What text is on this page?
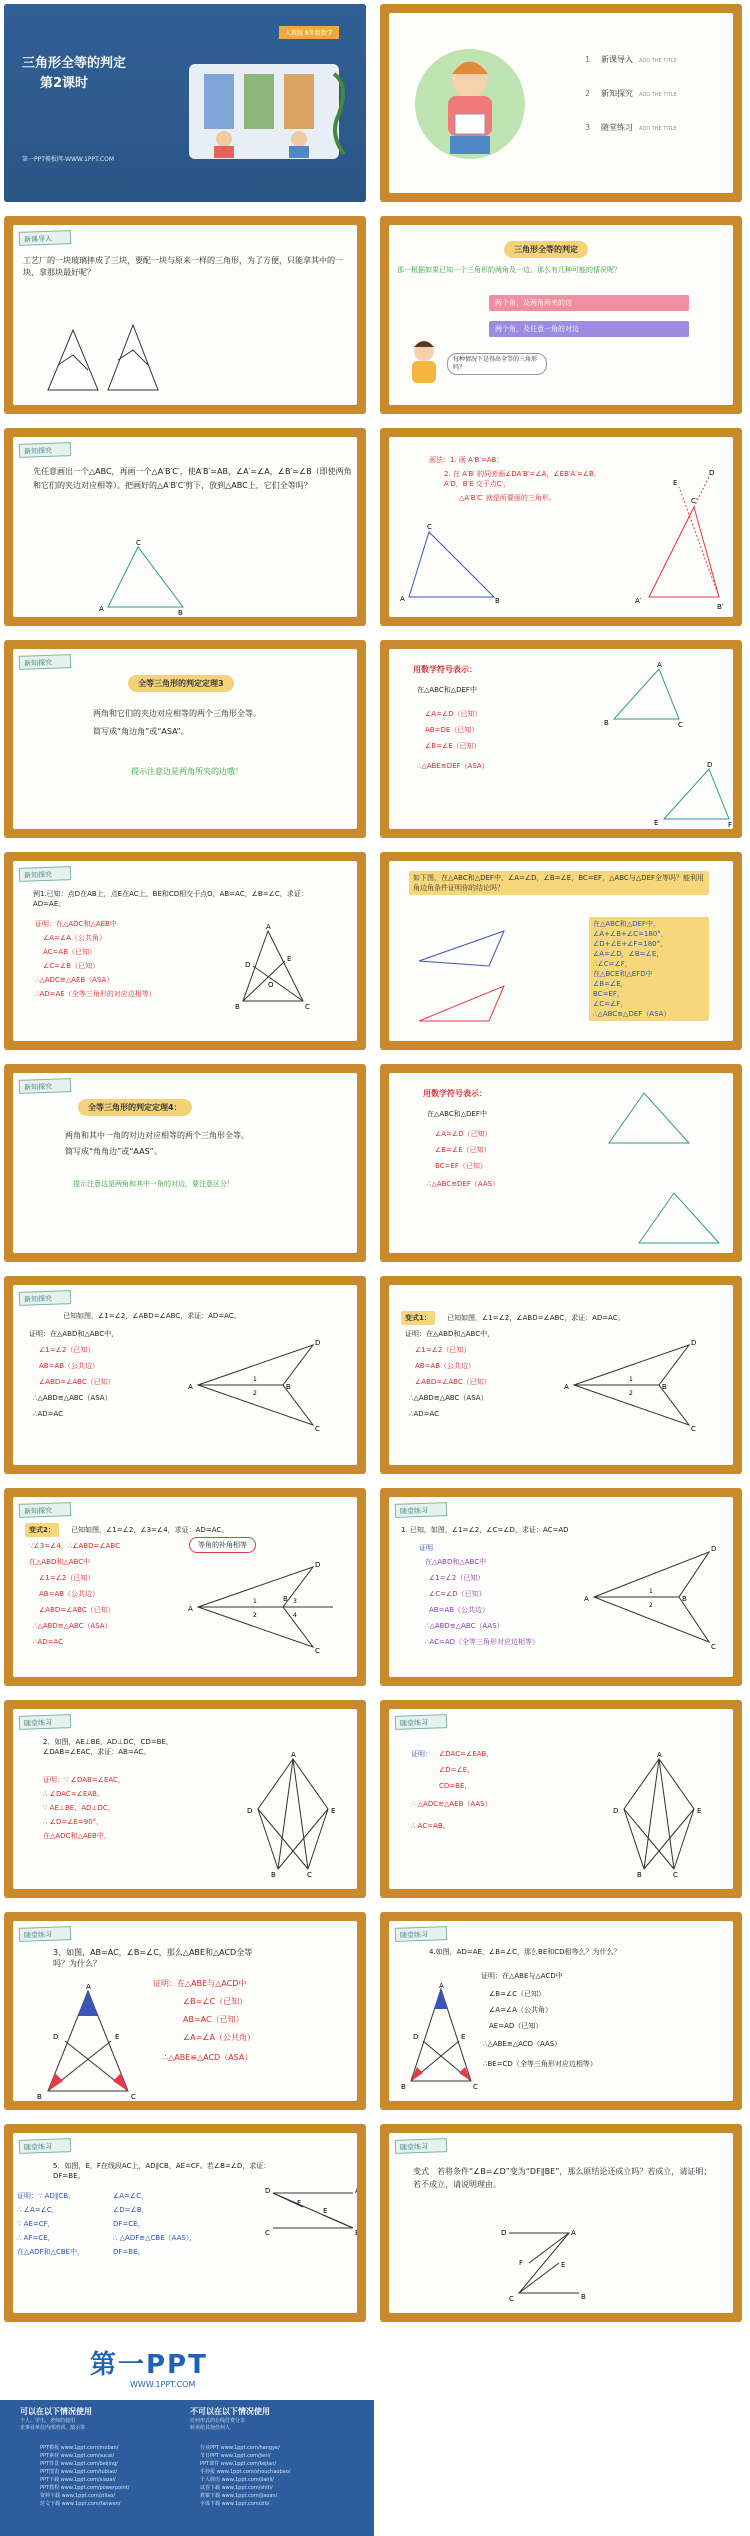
人教版 8年级数学
三角形全等的判定
第2课时
第一PPT模板网-WWW.1PPT.COM
1 新课导入 ADD THE TITLE
2 新知探究 ADD THE TITLE
3 随堂练习 ADD THE TITLE
新课导入
工艺厂的一块玻璃摔成了三块，要配一块与原来一样的三角形，为了方便，只能拿其中的一块，拿那块最好呢？
三角形全等的判定
那一根据如果已知一个三角形的两角及一边，那么有几种可能的情况呢？
两个角，及两角所夹的边
两个角，及任意一角的对边
每种情况下是得出全等的三角形吗？
新知探究
先任意画出一个△ABC，再画一个△A′B′C′，使A′B′=AB，∠A′=∠A，∠B′=∠B（即使两角和它们的夹边对应相等）。把画好的△A′B′C′剪下，放到△ABC上，它们全等吗？
C
A	B
画法：1. 画 A′B′=AB；
2. 在 A′B′ 的同旁画∠DA′B′=∠A，∠EB′A′=∠B，A′D，B′E 交于点C′，
△A′B′C′ 就是所要画的三角形。
C
A	B
C′
A′
B′
D
E
新知探究
全等三角形的判定定理3
两角和它们的夹边对应相等的两个三角形全等。
简写成“角边角”或“ASA”。
提示注意边是两角所夹的边哦！
用数学符号表示：
在△ABC和△DEF中
∠A=∠D（已知）
AB=DE（已知）
∠B=∠E（已知）
∴△ABE≌DEF（ASA）
A
B	C
D
E	F
新知探究
例1.已知：点D在AB上，点E在AC上，BE和CD相交于点O，AB=AC，∠B=∠C，求证：AD=AE。
证明：在△ADC和△AEB中
∠A=∠A（公共角）
AC=AB（已知）
∠C=∠B（已知）
∴△ADC≌△AEB（ASA）
∴AD=AE（全等三角形的对应边相等）
A
D
E
O
B	C
如下图，在△ABC和△DEF中，∠A=∠D，∠B=∠E，BC=EF，△ABC与△DEF全等吗？能利用角边角条件证明你的结论吗？
在△ABC和△DEF中，
∠A+∠B+∠C=180°，
∠D+∠E+∠F=180°，
∠A=∠D，∠B=∠E，
∴∠C=∠F，
在△BCE和△EFD中
∠B=∠E，
BC=EF，
∠C=∠F，
∴△ABC≌△DEF（ASA）
新知探究
全等三角形的判定定理4：
两角和其中一角的对边对应相等的两个三角形全等。
简写成“角角边”或“AAS”。
提示注意这是两角和其中一角的对边，要注意区分！
用数学符号表示：
在△ABC和△DEF中
∠A=∠D（已知）
∠B=∠E（已知）
BC=EF（已知）
∴△ABC≌DEF（AAS）
新知探究
已知如图，∠1=∠2，∠ABD=∠ABC，求证：AD=AC。
证明：在△ABD和△ABC中，
∠1=∠2（已知）
AB=AB（公共边）
∠ABD=∠ABC（已知）
∴△ABD≌△ABC（ASA）
∴AD=AC
D
A
1
2
B
C
变式1：	已知如图，∠1=∠2，∠ABD=∠ABC，求证：AD=AC。
证明：在△ABD和△ABC中，
∠1=∠2（已知）
AB=AB（公共边）
∠ABD=∠ABC（已知）
∴△ABD≌△ABC（ASA）
∴AD=AC
D
A
1
2
B
C
新知探究
变式2：	已知如图，∠1=∠2，∠3=∠4，求证：AD=AC。
∵∠3=∠4，∴∠ABD=∠ABC
在△ABD和△ABC中
∠1=∠2（已知）
AB=AB（公共边）
∠ABD=∠ABC（已知）
∴△ABD≌△ABC（ASA）
∴AD=AC
等角的补角相等
D
A
1
2
3
4
B
C
随堂练习
1. 已知，如图，∠1=∠2，∠C=∠D，求证：AC=AD
证明
在△ABD和△ABC中
∠1=∠2（已知）
∠C=∠D（已知）
AB=AB（公共边）
∴△ABD≌△ABC（AAS）
∴AC=AD（全等三角形对应边相等）
D
A
1
2
B
C
随堂练习
2．如图，AE⊥BE，AD⊥DC，CD=BE，∠DAB=∠EAC，求证：AB=AC。
证明：∵ ∠DAB=∠EAC，
∴ ∠DAC=∠EAB。
∵ AE⊥BE，AD⊥DC，
∴ ∠D=∠E=90°，
在△ADC和△AEB中，
A
D	E
B	C
随堂练习
证明： ∠DAC=∠EAB，
∠D=∠E，
CD=BE，
∴ △ADC≌△AEB（AAS）
∴ AC=AB。
A
D	E
B	C
随堂练习
3、如图，AB=AC，∠B=∠C，那么△ABE和△ACD全等吗？为什么？
证明：在△ABE与△ACD中
∠B=∠C（已知）
AB=AC（已知）
∠A=∠A（公共角）
∴△ABE≌△ACD（ASA）
A
D	E
B	C
随堂练习
4.如图，AD=AE，∠B=∠C，那么BE和CD相等么？为什么？
证明：在△ABE与△ACD中
∠B=∠C（已知）
∠A=∠A（公共角）
AE=AD（已知）
∴△ABE≌△ACD（AAS）
∴BE=CD（全等三角形对应边相等）
A
D	E
B	C
随堂练习
5．如图，E，F在线段AC上，AD∥CB，AE=CF。若∠B=∠D，求证：DF=BE。
证明：∵ AD∥CB，
∴ ∠A=∠C，
∵ AE=CF，
∴ AF=CE，
在△ADF和△CBE中，
∠A=∠C，
∠D=∠B，
DF=CE，
∴ △ADF≌△CBE（AAS），
DF=BE。
D	A
F
E
C	B
随堂练习
变式　若将条件“∠B=∠D”变为“DF∥BE”，那么原结论还成立吗？若成立，请证明；若不成立，请说明理由。
D	A
F	E
C	B
第一PPT
WWW.1PPT.COM
可以在以下情况使用
个人、学生、老师的使用
企事业单位内部培训、演示等
不可以在以下情况使用
任何形式的在线付费分享
转卖给其他任何人
PPT模板 www.1ppt.com/moban/
PPT素材 www.1ppt.com/sucai/
PPT背景 www.1ppt.com/beijing/
PPT图表 www.1ppt.com/tubiao/
PPT下载 www.1ppt.com/xiazai/
PPT教程 www.1ppt.com/powerpoint/
资料下载 www.1ppt.com/ziliao/
范文下载 www.1ppt.com/fanwen/
行业PPT www.1ppt.com/hangye/
节日PPT www.1ppt.com/jieri/
PPT课件 www.1ppt.com/kejian/
手抄报 www.1ppt.com/shouchaobao/
个人简历 www.1ppt.com/jianli/
试卷下载 www.1ppt.com/shiti/
教案下载 www.1ppt.com/jiaoan/
字体下载 www.1ppt.com/ziti/
